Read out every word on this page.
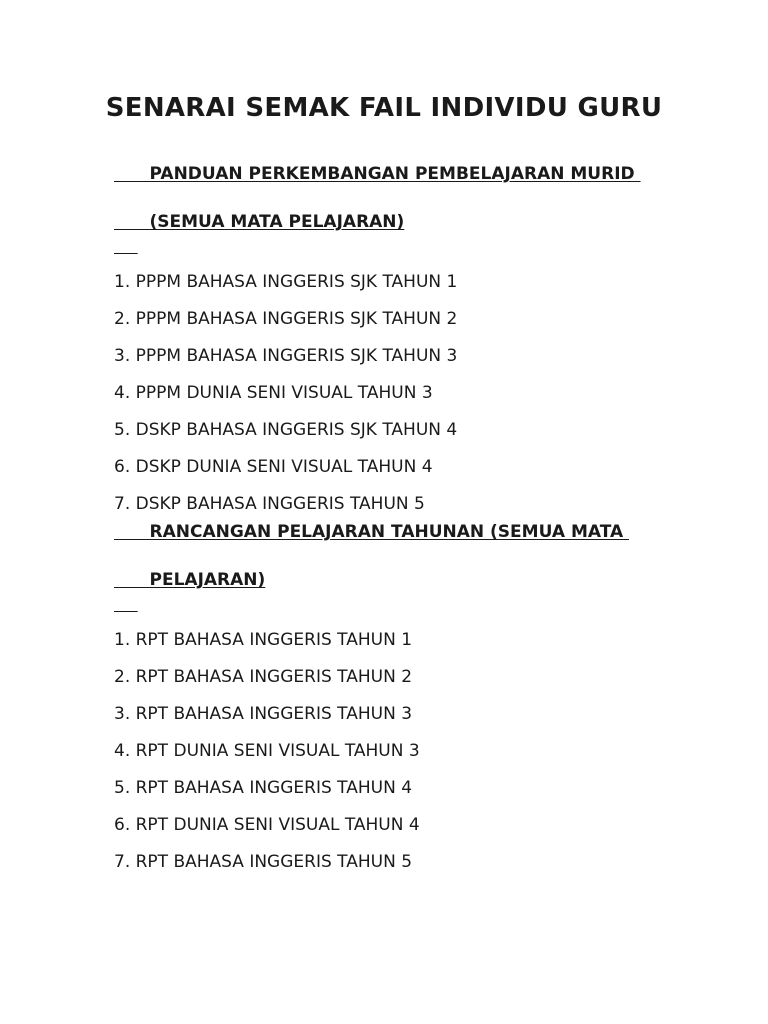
SENARAI SEMAK FAIL INDIVIDU GURU

PANDUAN PERKEMBANGAN PEMBELAJARAN MURID

(SEMUA MATA PELAJARAN)

1. PPPM BAHASA INGGERIS SJK TAHUN 1
2. PPPM BAHASA INGGERIS SJK TAHUN 2
3. PPPM BAHASA INGGERIS SJK TAHUN 3
4. PPPM DUNIA SENI VISUAL TAHUN 3
5. DSKP BAHASA INGGERIS SJK TAHUN 4
6. DSKP DUNIA SENI VISUAL TAHUN 4
7. DSKP BAHASA INGGERIS TAHUN 5

RANCANGAN PELAJARAN TAHUNAN (SEMUA MATA

PELAJARAN)

1. RPT BAHASA INGGERIS TAHUN 1
2. RPT BAHASA INGGERIS TAHUN 2
3. RPT BAHASA INGGERIS TAHUN 3
4. RPT DUNIA SENI VISUAL TAHUN 3
5. RPT BAHASA INGGERIS TAHUN 4
6. RPT DUNIA SENI VISUAL TAHUN 4
7. RPT BAHASA INGGERIS TAHUN 5
